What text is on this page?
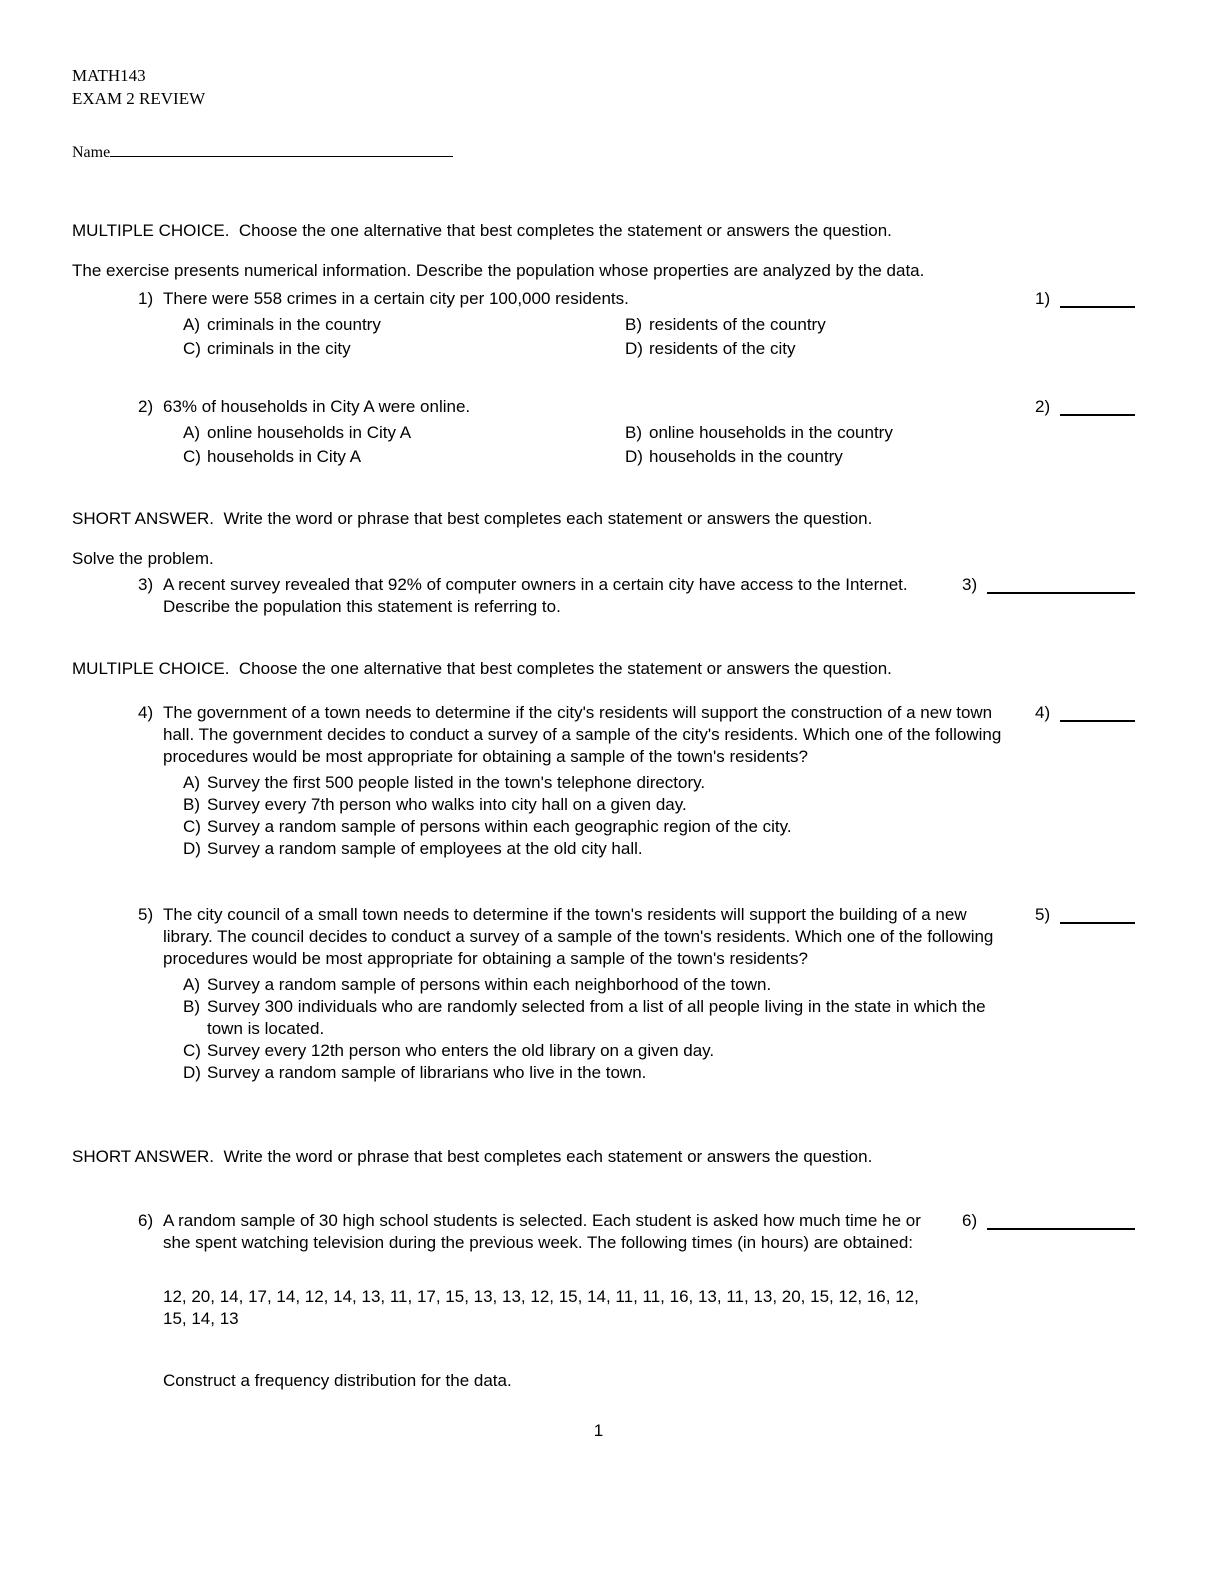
MATH143
EXAM 2 REVIEW
Name

MULTIPLE CHOICE.  Choose the one alternative that best completes the statement or answers the question.

The exercise presents numerical information. Describe the population whose properties are analyzed by the data.

1) There were 558 crimes in a certain city per 100,000 residents.

A) criminals in the country	B) residents of the country
C) criminals in the city	D) residents of the city
1)
2) 63% of households in City A were online.

A) online households in City A	B) online households in the country
C) households in City A	D) households in the country
2)

SHORT ANSWER.  Write the word or phrase that best completes each statement or answers the question.

Solve the problem.

3) A recent survey revealed that 92% of computer owners in a certain city have access to the Internet. Describe the population this statement is referring to.

3)

MULTIPLE CHOICE.  Choose the one alternative that best completes the statement or answers the question.

4) The government of a town needs to determine if the city's residents will support the construction of a new town hall. The government decides to conduct a survey of a sample of the city's residents. Which one of the following procedures would be most appropriate for obtaining a sample of the town's residents?

A) Survey the first 500 people listed in the town's telephone directory.
B) Survey every 7th person who walks into city hall on a given day.
C) Survey a random sample of persons within each geographic region of the city.
D) Survey a random sample of employees at the old city hall.
4)
5) The city council of a small town needs to determine if the town's residents will support the building of a new library. The council decides to conduct a survey of a sample of the town's residents. Which one of the following procedures would be most appropriate for obtaining a sample of the town's residents?

A) Survey a random sample of persons within each neighborhood of the town.
B) Survey 300 individuals who are randomly selected from a list of all people living in the state in which the town is located.
C) Survey every 12th person who enters the old library on a given day.
D) Survey a random sample of librarians who live in the town.
5)

SHORT ANSWER.  Write the word or phrase that best completes each statement or answers the question.

6) A random sample of 30 high school students is selected. Each student is asked how much time he or she spent watching television during the previous week. The following times (in hours) are obtained:

12, 20, 14, 17, 14, 12, 14, 13, 11, 17, 15, 13, 13, 12, 15, 14, 11, 11, 16, 13, 11, 13, 20, 15, 12, 16, 12, 15, 14, 13

Construct a frequency distribution for the data.

6)
1
